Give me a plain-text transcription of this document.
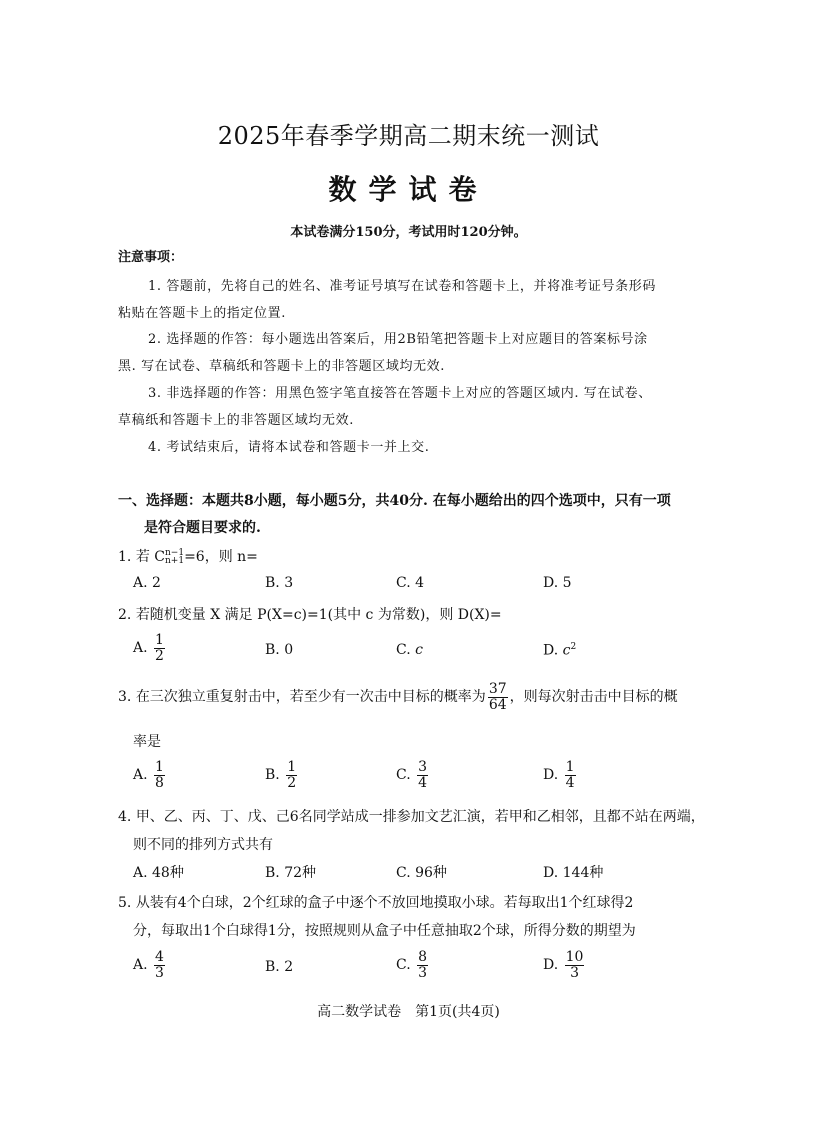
2025年春季学期高二期末统一测试
数学试卷
本试卷满分150分，考试用时120分钟。
注意事项：
1. 答题前，先将自己的姓名、准考证号填写在试卷和答题卡上，并将准考证号条形码
粘贴在答题卡上的指定位置.
2. 选择题的作答：每小题选出答案后，用2B铅笔把答题卡上对应题目的答案标号涂
黑. 写在试卷、草稿纸和答题卡上的非答题区域均无效.
3. 非选择题的作答：用黑色签字笔直接答在答题卡上对应的答题区域内. 写在试卷、
草稿纸和答题卡上的非答题区域均无效.
4. 考试结束后，请将本试卷和答题卡一并上交.
一、选择题：本题共8小题，每小题5分，共40分. 在每小题给出的四个选项中，只有一项
是符合题目要求的.
1. 若 C n−1
n+1 =6，则 n=
A. 2	B. 3	C. 4	D. 5
2. 若随机变量 X 满足 P(X=c)=1(其中 c 为常数)，则 D(X)=
A. $\frac{1}{2}$	B. 0	C. c	D. $c^2$
3. 在三次独立重复射击中，若至少有一次击中目标的概率为 $\frac{37}{64}$ ，则每次射击击中目标的概
率是
A. $\frac{1}{8}$	B. $\frac{1}{2}$	C. $\frac{3}{4}$	D. $\frac{1}{4}$
4. 甲、乙、丙、丁、戊、己6名同学站成一排参加文艺汇演，若甲和乙相邻，且都不站在两端，
则不同的排列方式共有
A. 48种	B. 72种	C. 96种	D. 144种
5. 从装有4个白球，2个红球的盒子中逐个不放回地摸取小球。若每取出1个红球得2
分，每取出1个白球得1分，按照规则从盒子中任意抽取2个球，所得分数的期望为
A. $\frac{4}{3}$	B. 2	C. $\frac{8}{3}$	D. $\frac{10}{3}$
高二数学试卷　第1页(共4页)
